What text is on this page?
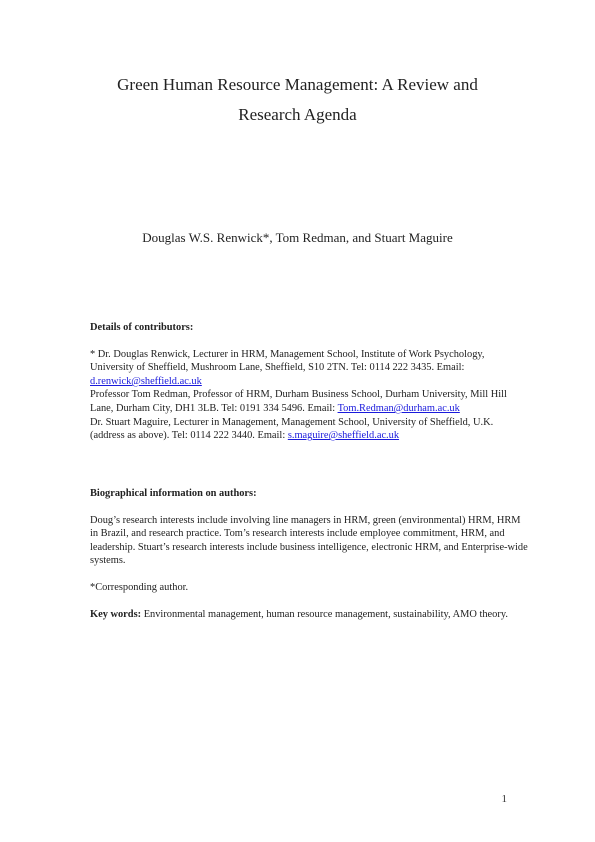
Green Human Resource Management: A Review and
Research Agenda
Douglas W.S. Renwick*, Tom Redman, and Stuart Maguire

Details of contributors:

* Dr. Douglas Renwick, Lecturer in HRM, Management School, Institute of Work Psychology, University of Sheffield, Mushroom Lane, Sheffield, S10 2TN. Tel: 0114 222 3435. Email: d.renwick@sheffield.ac.uk

Professor Tom Redman, Professor of HRM, Durham Business School, Durham University, Mill Hill Lane, Durham City, DH1 3LB. Tel: 0191 334 5496. Email: Tom.Redman@durham.ac.uk

Dr. Stuart Maguire, Lecturer in Management, Management School, University of Sheffield, U.K. (address as above). Tel: 0114 222 3440. Email: s.maguire@sheffield.ac.uk

Biographical information on authors:

Doug’s research interests include involving line managers in HRM, green (environmental) HRM, HRM in Brazil, and research practice. Tom’s research interests include employee commitment, HRM, and leadership. Stuart’s research interests include business intelligence, electronic HRM, and Enterprise-wide systems.

*Corresponding author.

Key words: Environmental management, human resource management, sustainability, AMO theory.

1
